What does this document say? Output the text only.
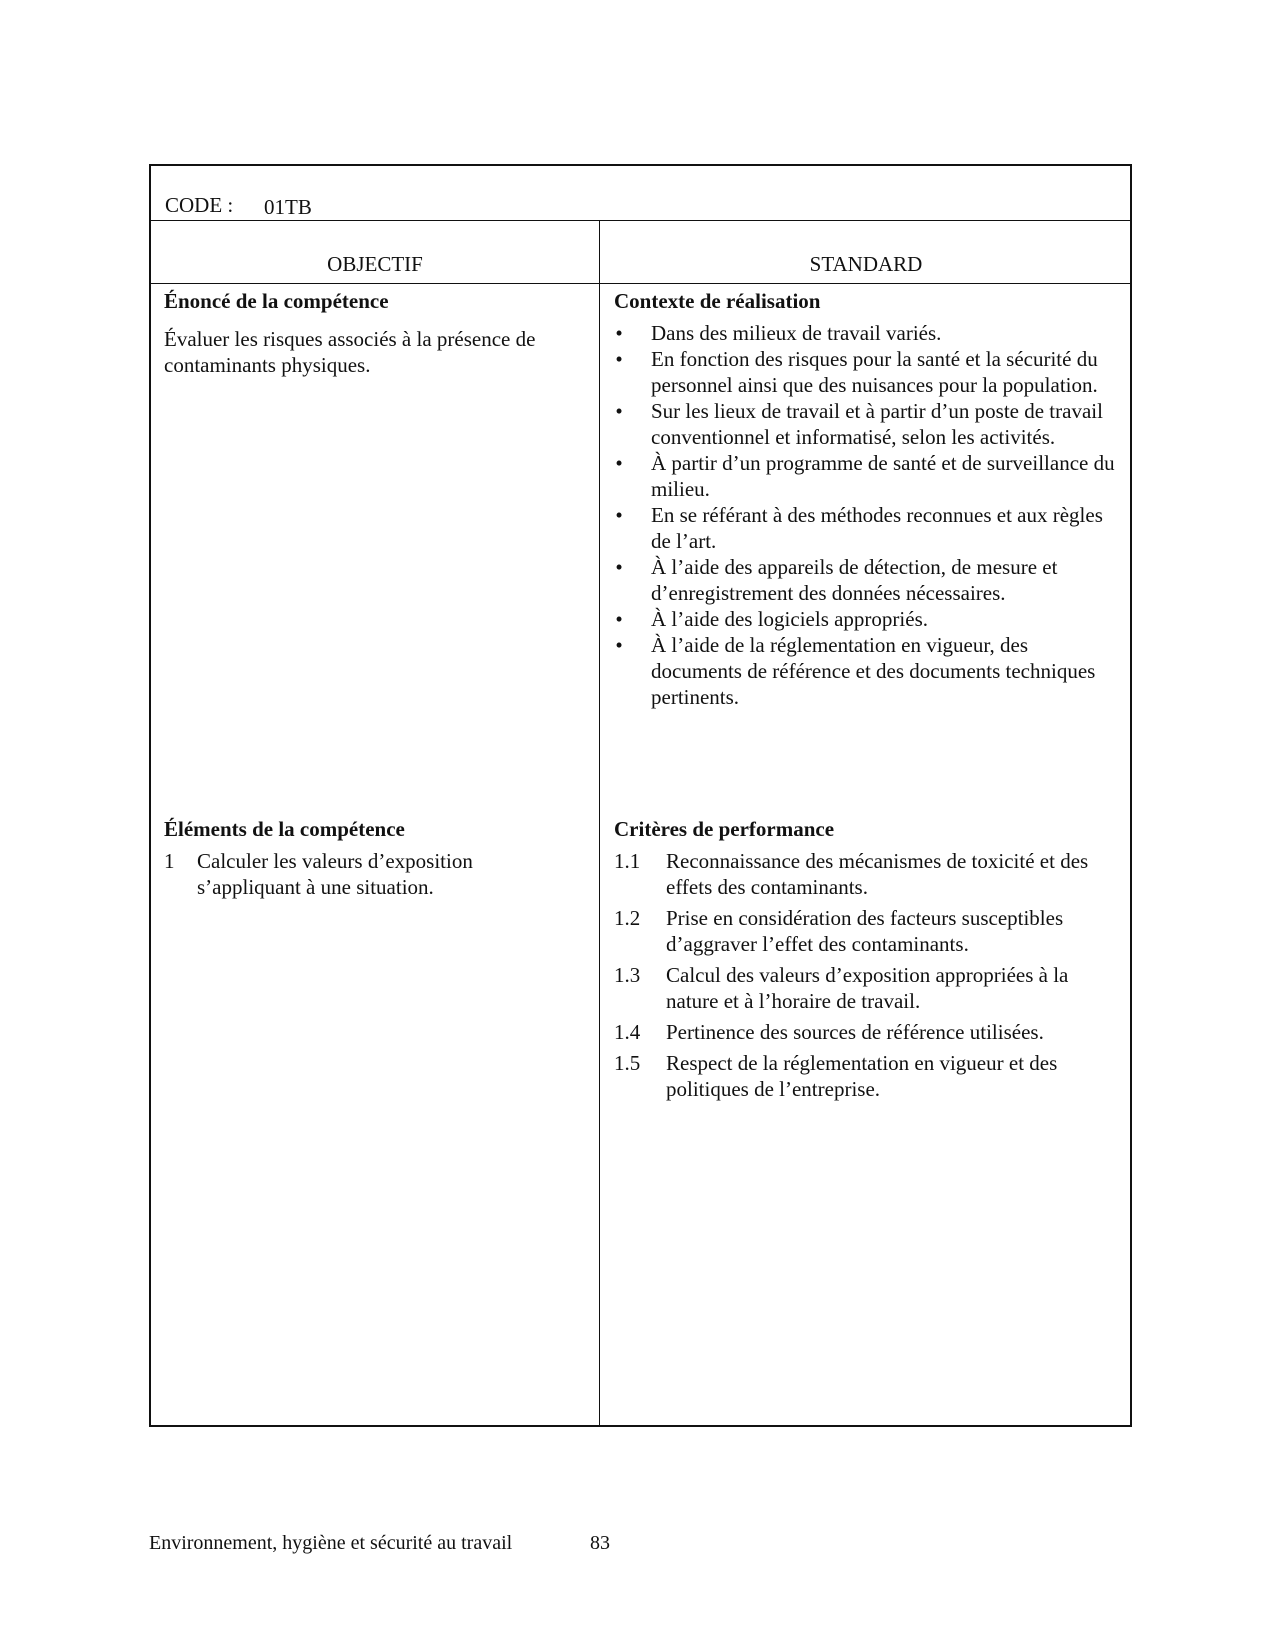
CODE : 01TB
OBJECTIF	STANDARD

Énoncé de la compétence

Évaluer les risques associés à la présence de contaminants physiques.

Contexte de réalisation

• Dans des milieux de travail variés.
• En fonction des risques pour la santé et la sécurité du personnel ainsi que des nuisances pour la population.
• Sur les lieux de travail et à partir d’un poste de travail conventionnel et informatisé, selon les activités.
• À partir d’un programme de santé et de surveillance du milieu.
• En se référant à des méthodes reconnues et aux règles de l’art.
• À l’aide des appareils de détection, de mesure et d’enregistrement des données nécessaires.
• À l’aide des logiciels appropriés.
• À l’aide de la réglementation en vigueur, des documents de référence et des documents techniques pertinents.

Éléments de la compétence

1 Calculer les valeurs d’exposition s’appliquant à une situation.

Critères de performance

1.1 Reconnaissance des mécanismes de toxicité et des effets des contaminants.
1.2 Prise en considération des facteurs susceptibles d’aggraver l’effet des contaminants.
1.3 Calcul des valeurs d’exposition appropriées à la nature et à l’horaire de travail.
1.4 Pertinence des sources de référence utilisées.
1.5 Respect de la réglementation en vigueur et des politiques de l’entreprise.
Environnement, hygiène et sécurité au travail	83
